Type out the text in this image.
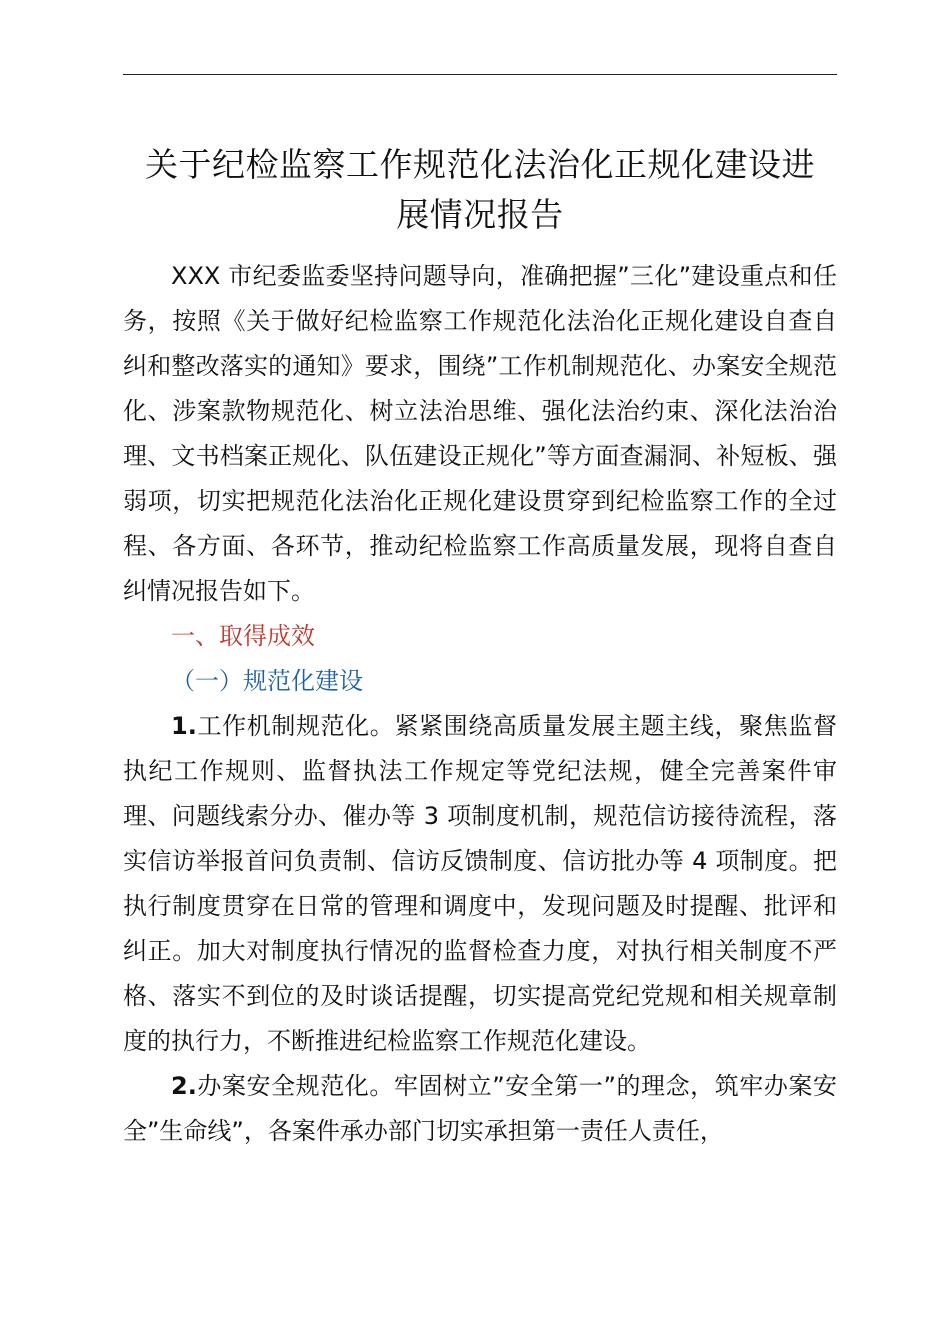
关于纪检监察工作规范化法治化正规化建设进
展情况报告

XXX 市纪委监委坚持问题导向，准确把握”三化”建设重点和任务，按照《关于做好纪检监察工作规范化法治化正规化建设自查自纠和整改落实的通知》要求，围绕”工作机制规范化、办案安全规范化、涉案款物规范化、树立法治思维、强化法治约束、深化法治治理、文书档案正规化、队伍建设正规化”等方面查漏洞、补短板、强弱项，切实把规范化法治化正规化建设贯穿到纪检监察工作的全过程、各方面、各环节，推动纪检监察工作高质量发展，现将自查自纠情况报告如下。

一、取得成效

（一）规范化建设

1.工作机制规范化。紧紧围绕高质量发展主题主线，聚焦监督执纪工作规则、监督执法工作规定等党纪法规，健全完善案件审理、问题线索分办、催办等 3 项制度机制，规范信访接待流程，落实信访举报首问负责制、信访反馈制度、信访批办等 4 项制度。把执行制度贯穿在日常的管理和调度中，发现问题及时提醒、批评和纠正。加大对制度执行情况的监督检查力度，对执行相关制度不严格、落实不到位的及时谈话提醒，切实提高党纪党规和相关规章制度的执行力，不断推进纪检监察工作规范化建设。

2.办案安全规范化。牢固树立”安全第一”的理念，筑牢办案安全”生命线”，各案件承办部门切实承担第一责任人责任，
